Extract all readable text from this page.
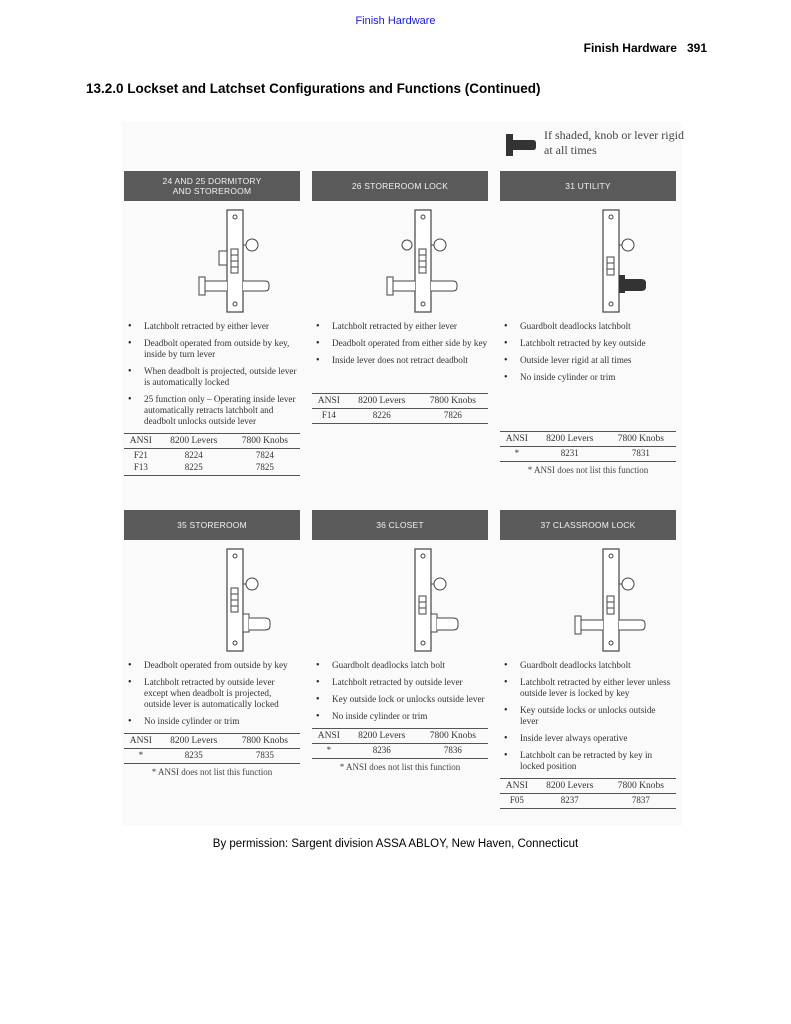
Finish Hardware
Finish Hardware 391
13.2.0 Lockset and Latchset Configurations and Functions (Continued)
If shaded, knob or lever rigid at all times
24 AND 25 DORMITORY
AND STOREROOM
• Latchbolt retracted by either lever
• Deadbolt operated from outside by key, inside by turn lever
• When deadbolt is projected, outside lever is automatically locked
• 25 function only – Operating inside lever automatically retracts latchbolt and deadbolt unlocks outside lever
ANSI	8200 Levers	7800 Knobs
F21	8224	7824
F13	8225	7825
26 STOREROOM LOCK
• Latchbolt retracted by either lever
• Deadbolt operated from either side by key
• Inside lever does not retract deadbolt
ANSI	8200 Levers	7800 Knobs
F14	8226	7826
31 UTILITY
• Guardbolt deadlocks latchbolt
• Latchbolt retracted by key outside
• Outside lever rigid at all times
• No inside cylinder or trim
ANSI	8200 Levers	7800 Knobs
*	8231	7831
* ANSI does not list this function
35 STOREROOM
• Deadbolt operated from outside by key
• Latchbolt retracted by outside lever except when deadbolt is projected, outside lever is automatically locked
• No inside cylinder or trim
ANSI	8200 Levers	7800 Knobs
*	8235	7835
* ANSI does not list this function
36 CLOSET
• Guardbolt deadlocks latch bolt
• Latchbolt retracted by outside lever
• Key outside lock or unlocks outside lever
• No inside cylinder or trim
ANSI	8200 Levers	7800 Knobs
*	8236	7836
* ANSI does not list this function
37 CLASSROOM LOCK
• Guardbolt deadlocks latchbolt
• Latchbolt retracted by either lever unless outside lever is locked by key
• Key outside locks or unlocks outside lever
• Inside lever always operative
• Latchbolt can be retracted by key in locked position
ANSI	8200 Levers	7800 Knobs
F05	8237	7837
By permission: Sargent division ASSA ABLOY, New Haven, Connecticut
